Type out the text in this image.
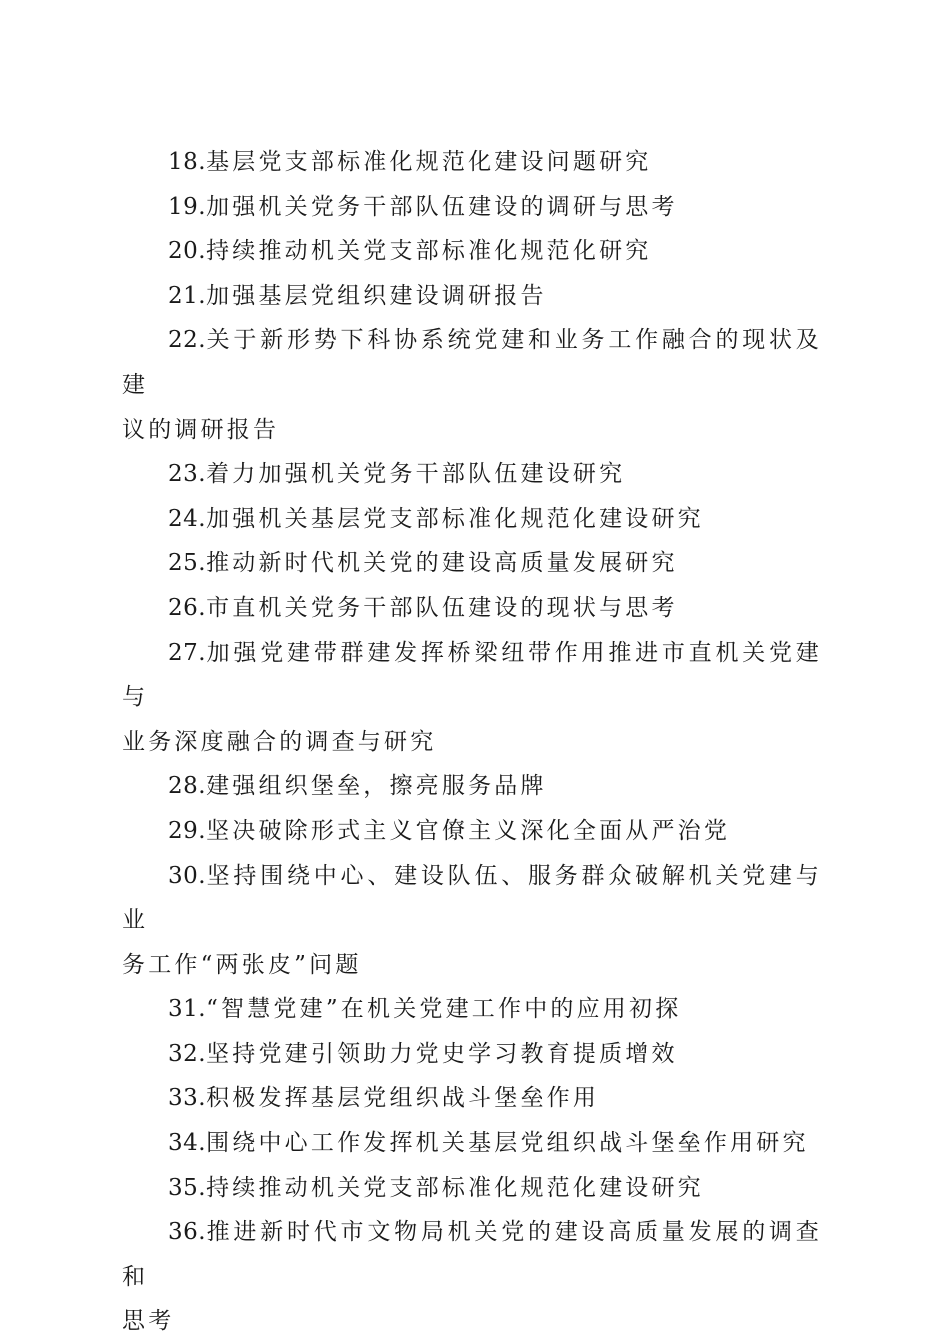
18.基层党支部标准化规范化建设问题研究

19.加强机关党务干部队伍建设的调研与思考

20.持续推动机关党支部标准化规范化研究

21.加强基层党组织建设调研报告

22.关于新形势下科协系统党建和业务工作融合的现状及建

议的调研报告

23.着力加强机关党务干部队伍建设研究

24.加强机关基层党支部标准化规范化建设研究

25.推动新时代机关党的建设高质量发展研究

26.市直机关党务干部队伍建设的现状与思考

27.加强党建带群建发挥桥梁纽带作用推进市直机关党建与

业务深度融合的调查与研究

28.建强组织堡垒，擦亮服务品牌

29.坚决破除形式主义官僚主义深化全面从严治党

30.坚持围绕中心、建设队伍、服务群众破解机关党建与业

务工作“两张皮”问题

31.“智慧党建”在机关党建工作中的应用初探

32.坚持党建引领助力党史学习教育提质增效

33.积极发挥基层党组织战斗堡垒作用

34.围绕中心工作发挥机关基层党组织战斗堡垒作用研究

35.持续推动机关党支部标准化规范化建设研究

36.推进新时代市文物局机关党的建设高质量发展的调查和

思考
